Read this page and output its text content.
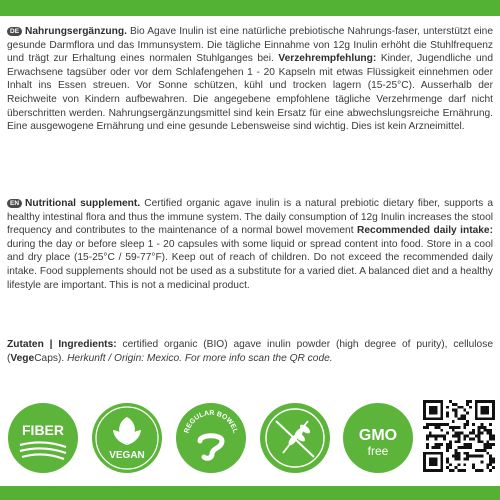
DE Nahrungsergänzung. Bio Agave Inulin ist eine natürliche prebiotische Nahrungs-faser, unterstützt eine gesunde Darmflora und das Immunsystem. Die tägliche Einnahme von 12g Inulin erhöht die Stuhlfrequenz und trägt zur Erhaltung eines normalen Stuhlganges bei. Verzehrempfehlung: Kinder, Jugendliche und Erwachsene tagsüber oder vor dem Schlafengehen 1 - 20 Kapseln mit etwas Flüssigkeit einnehmen oder Inhalt ins Essen streuen. Vor Sonne schützen, kühl und trocken lagern (15-25°C). Ausserhalb der Reichweite von Kindern aufbewahren. Die angegebene empfohlene tägliche Verzehrmenge darf nicht überschritten werden. Nahrungsergänzungsmittel sind kein Ersatz für eine abwechslungsreiche Ernährung. Eine ausgewogene Ernährung und eine gesunde Lebensweise sind wichtig. Dies ist kein Arzneimittel.
EN Nutritional supplement. Certified organic agave inulin is a natural prebiotic dietary fiber, supports a healthy intestinal flora and thus the immune system. The daily consumption of 12g Inulin increases the stool frequency and contributes to the maintenance of a normal bowel movement Recommended daily intake: during the day or before sleep 1 - 20 capsules with some liquid or spread content into food. Store in a cool and dry place (15-25°C / 59-77°F). Keep out of reach of children. Do not exceed the recommended daily intake. Food supplements should not be used as a substitute for a varied diet. A balanced diet and a healthy lifestyle are important. This is not a medicinal product.
Zutaten | Ingredients: certified organic (BIO) agave inulin powder (high degree of purity), cellulose (VegeCaps). Herkunft / Origin: Mexico. For more info scan the QR code.
FIBER
VEGAN
REGULAR BOWEL	GMO
free
